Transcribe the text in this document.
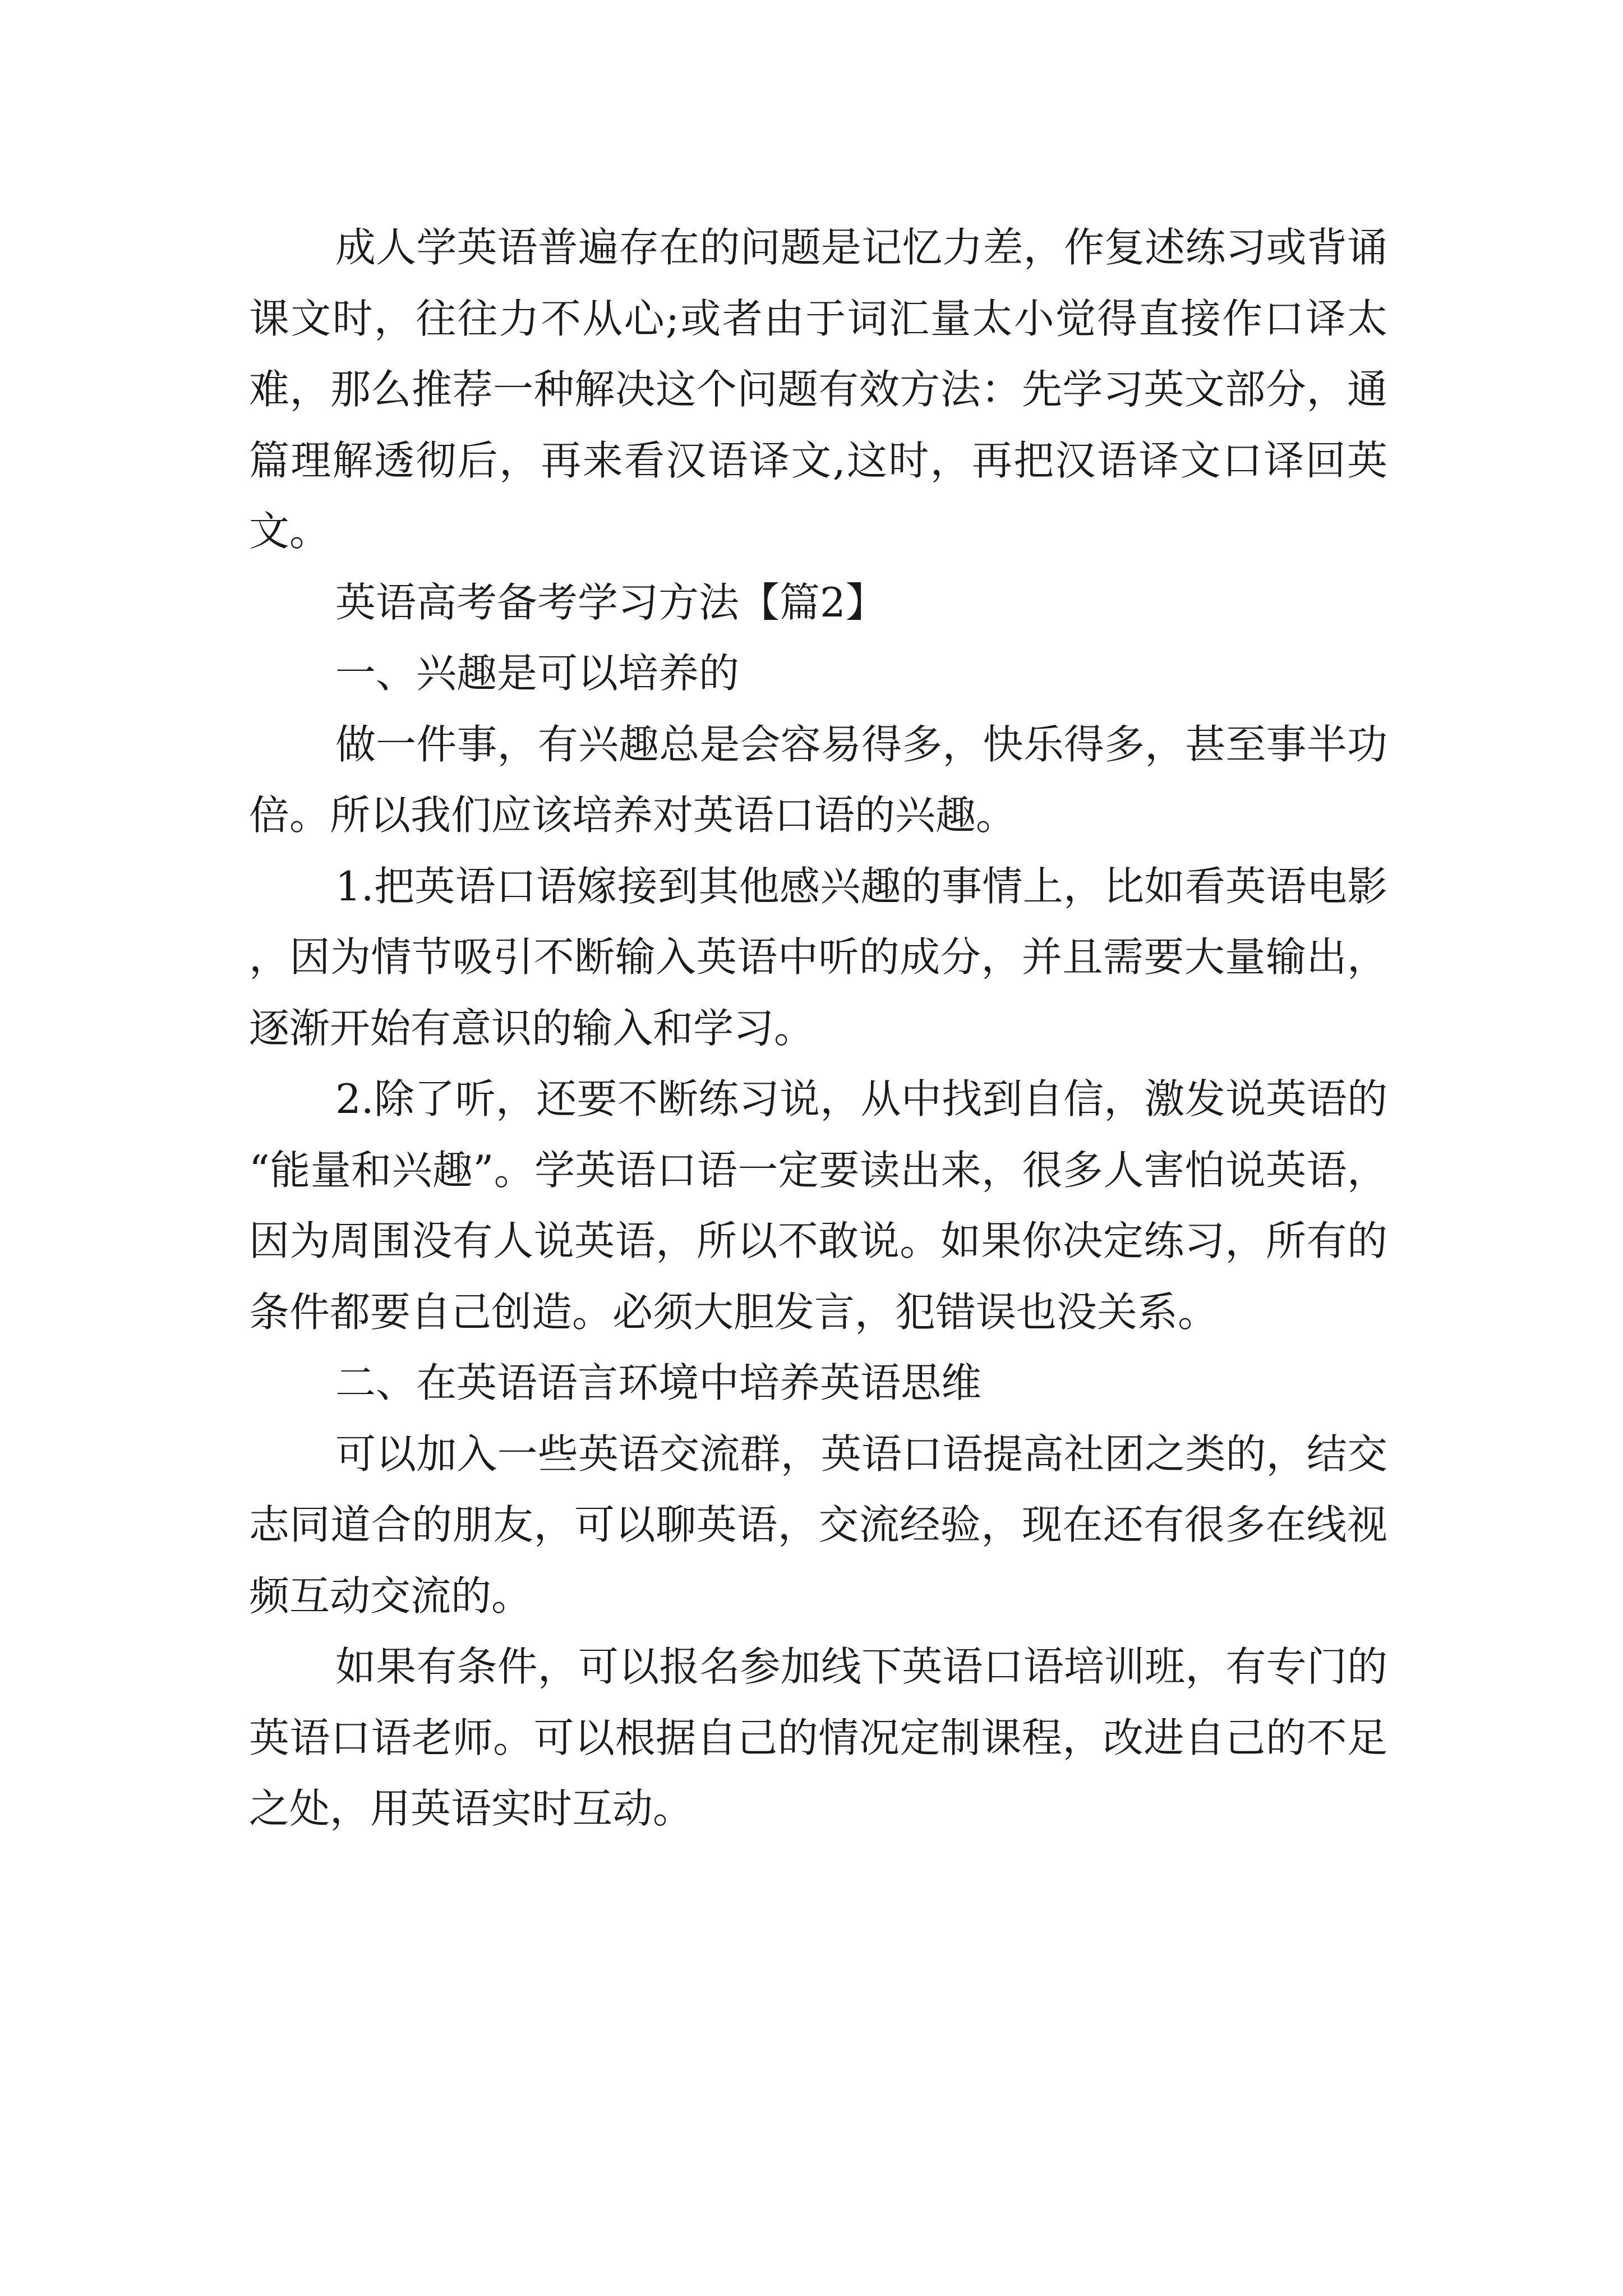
成人学英语普遍存在的问题是记忆力差，作复述练习或背诵课文时，往往力不从心;或者由于词汇量太小觉得直接作口译太难，那么推荐一种解决这个问题有效方法：先学习英文部分，通篇理解透彻后，再来看汉语译文,这时，再把汉语译文口译回英文。

英语高考备考学习方法【篇2】

一、兴趣是可以培养的

做一件事，有兴趣总是会容易得多，快乐得多，甚至事半功倍。所以我们应该培养对英语口语的兴趣。

1.把英语口语嫁接到其他感兴趣的事情上，比如看英语电影，因为情节吸引不断输入英语中听的成分，并且需要大量输出，逐渐开始有意识的输入和学习。

2.除了听，还要不断练习说，从中找到自信，激发说英语的“能量和兴趣”。学英语口语一定要读出来，很多人害怕说英语，因为周围没有人说英语，所以不敢说。如果你决定练习，所有的条件都要自己创造。必须大胆发言，犯错误也没关系。

二、在英语语言环境中培养英语思维

可以加入一些英语交流群，英语口语提高社团之类的，结交志同道合的朋友，可以聊英语，交流经验，现在还有很多在线视频互动交流的。

如果有条件，可以报名参加线下英语口语培训班，有专门的英语口语老师。可以根据自己的情况定制课程，改进自己的不足之处，用英语实时互动。
